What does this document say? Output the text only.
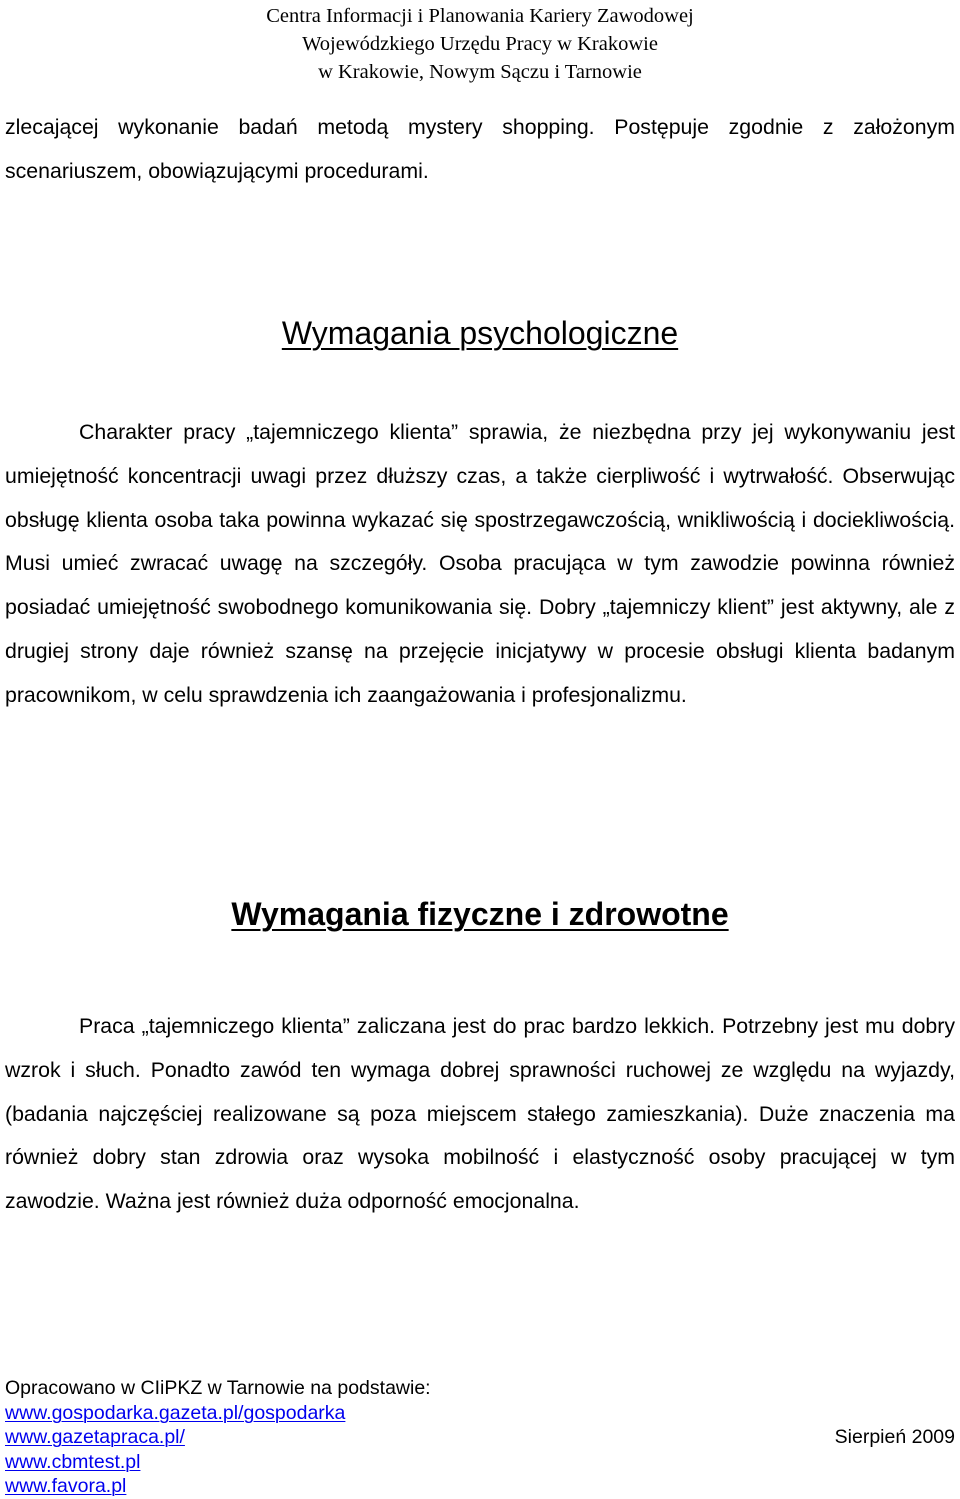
Centra Informacji i Planowania Kariery Zawodowej
Wojewódzkiego Urzędu Pracy w Krakowie
w Krakowie, Nowym Sączu i Tarnowie

zlecającej wykonanie badań metodą mystery shopping. Postępuje zgodnie z założonym scenariuszem, obowiązującymi procedurami.

Wymagania psychologiczne

Charakter pracy „tajemniczego klienta” sprawia, że niezbędna przy jej wykonywaniu jest umiejętność koncentracji uwagi przez dłuższy czas, a także cierpliwość i wytrwałość. Obserwując obsługę klienta osoba taka powinna wykazać się spostrzegawczością, wnikliwością i dociekliwością. Musi umieć zwracać uwagę na szczegóły. Osoba pracująca w tym zawodzie powinna również posiadać umiejętność swobodnego komunikowania się. Dobry „tajemniczy klient” jest aktywny, ale z drugiej strony daje również szansę na przejęcie inicjatywy w procesie obsługi klienta badanym pracownikom, w celu sprawdzenia ich zaangażowania i profesjonalizmu.

Wymagania fizyczne i zdrowotne

Praca „tajemniczego klienta” zaliczana jest do prac bardzo lekkich. Potrzebny jest mu dobry wzrok i słuch. Ponadto zawód ten wymaga dobrej sprawności ruchowej ze względu na wyjazdy,(badania najczęściej realizowane są poza miejscem stałego zamieszkania). Duże znaczenia ma również dobry stan zdrowia oraz wysoka mobilność i elastyczność osoby pracującej w tym zawodzie. Ważna jest również duża odporność emocjonalna.

Opracowano w CIiPKZ w Tarnowie na podstawie:
www.gospodarka.gazeta.pl/gospodarka
www.gazetapraca.pl/	Sierpień 2009
www.cbmtest.pl
www.favora.pl
